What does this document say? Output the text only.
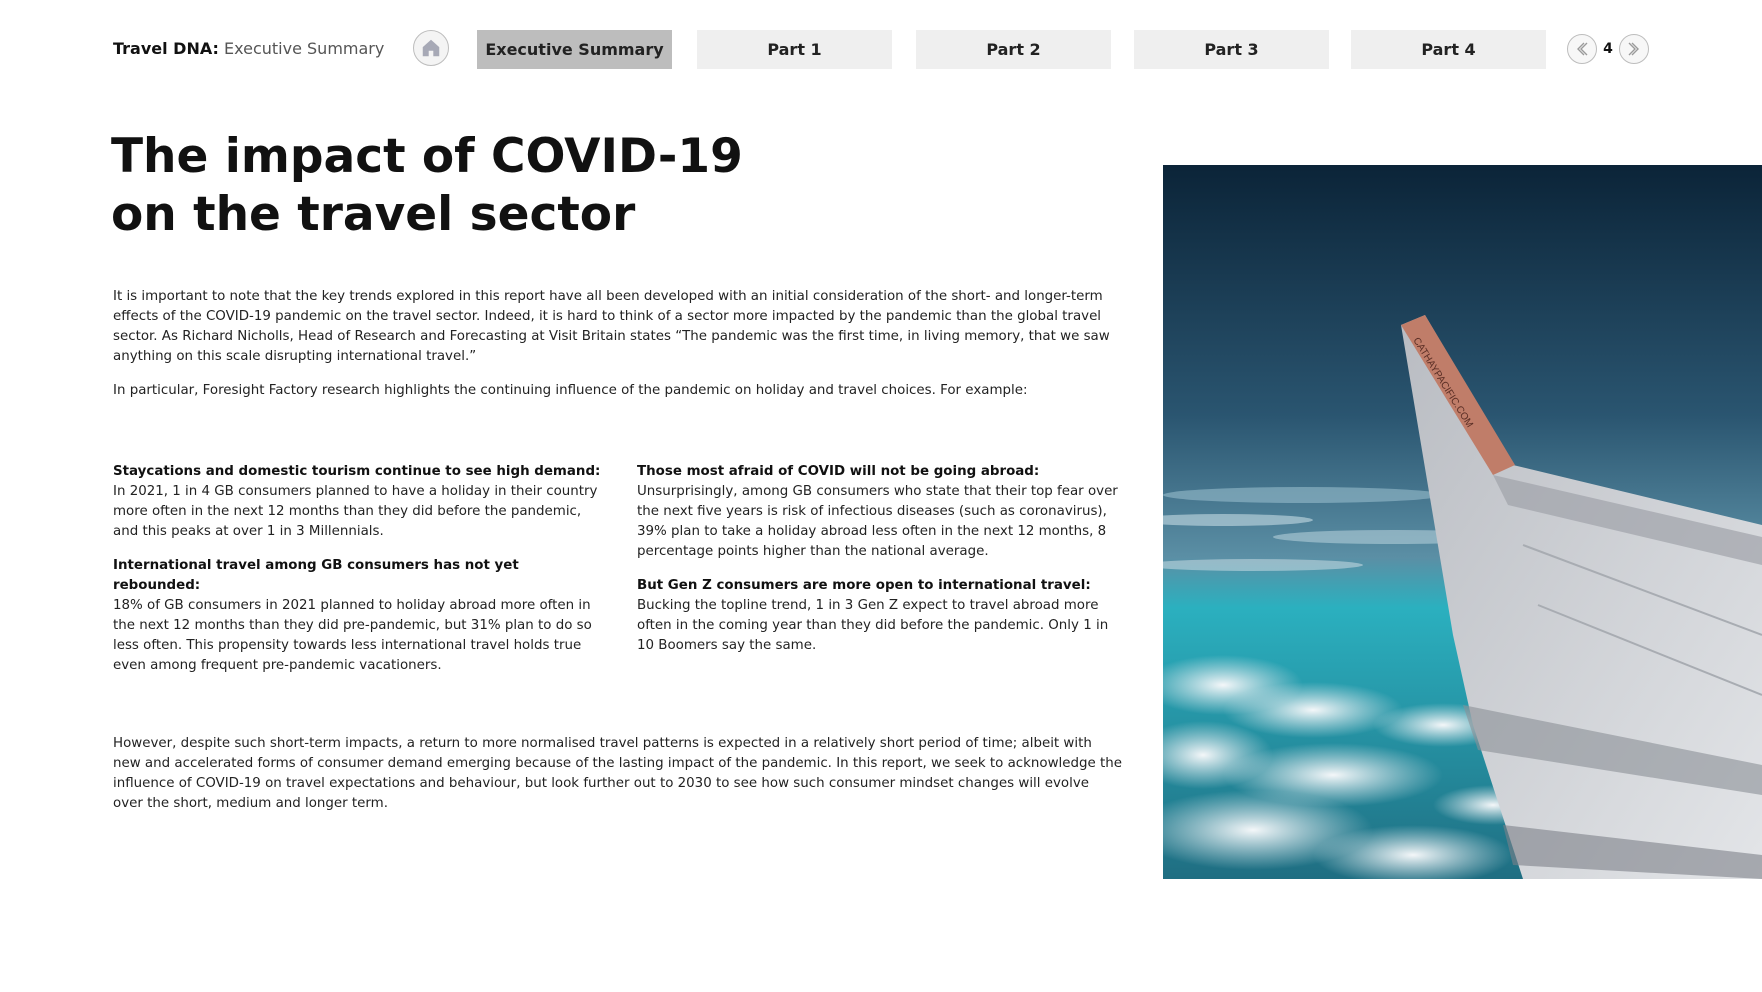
Travel DNA: Executive Summary	Executive Summary	Part 1	Part 2	Part 3	Part 4	4
The impact of COVID-19
on the travel sector

It is important to note that the key trends explored in this report have all been developed with an initial consideration of the short- and longer-term effects of the COVID-19 pandemic on the travel sector. Indeed, it is hard to think of a sector more impacted by the pandemic than the global travel sector. As Richard Nicholls, Head of Research and Forecasting at Visit Britain states “The pandemic was the first time, in living memory, that we saw anything on this scale disrupting international travel.”

In particular, Foresight Factory research highlights the continuing influence of the pandemic on holiday and travel choices. For example:

Staycations and domestic tourism continue to see high demand:
In 2021, 1 in 4 GB consumers planned to have a holiday in their country more often in the next 12 months than they did before the pandemic, and this peaks at over 1 in 3 Millennials.
International travel among GB consumers has not yet rebounded:
18% of GB consumers in 2021 planned to holiday abroad more often in the next 12 months than they did pre-pandemic, but 31% plan to do so less often. This propensity towards less international travel holds true even among frequent pre-pandemic vacationers.
Those most afraid of COVID will not be going abroad:
Unsurprisingly, among GB consumers who state that their top fear over the next five years is risk of infectious diseases (such as coronavirus), 39% plan to take a holiday abroad less often in the next 12 months, 8 percentage points higher than the national average.
But Gen Z consumers are more open to international travel:
Bucking the topline trend, 1 in 3 Gen Z expect to travel abroad more often in the coming year than they did before the pandemic. Only 1 in 10 Boomers say the same.

However, despite such short-term impacts, a return to more normalised travel patterns is expected in a relatively short period of time; albeit with new and accelerated forms of consumer demand emerging because of the lasting impact of the pandemic. In this report, we seek to acknowledge the influence of COVID-19 on travel expectations and behaviour, but look further out to 2030 to see how such consumer mindset changes will evolve over the short, medium and longer term.

CATHAYPACIFIC.COM
